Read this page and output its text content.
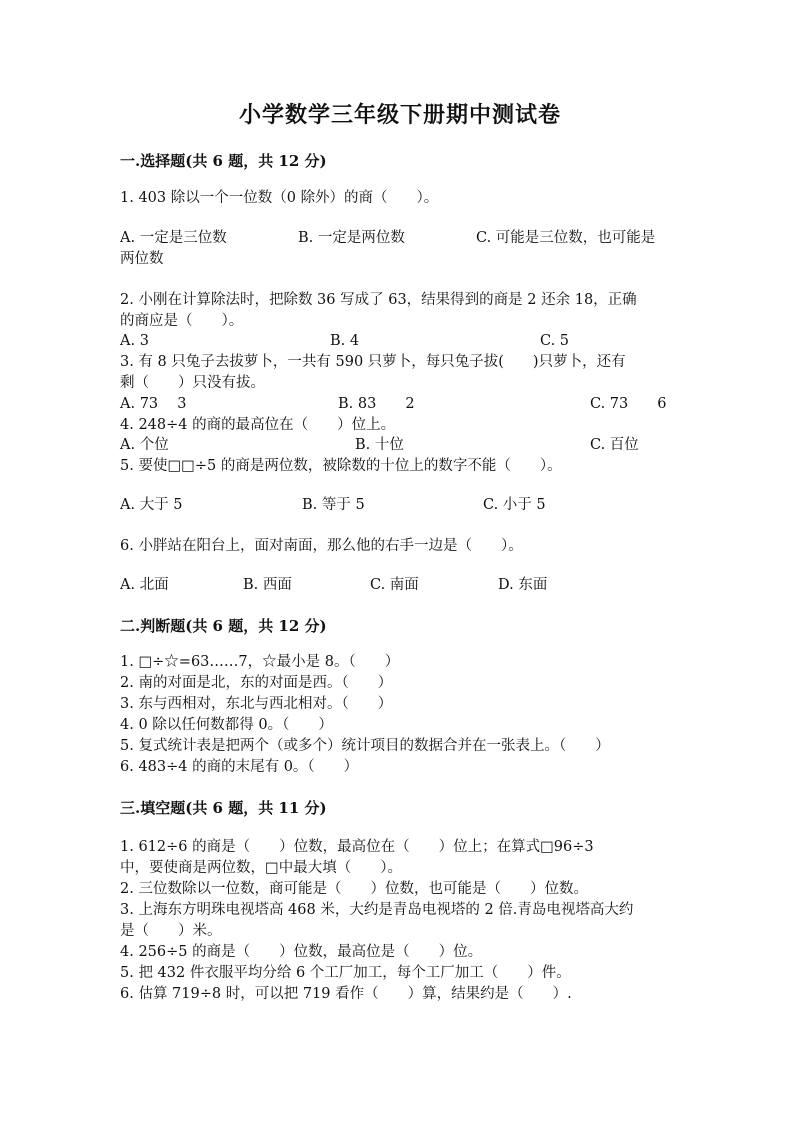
小学数学三年级下册期中测试卷
一.选择题(共 6 题，共 12 分)
1. 403 除以一个一位数（0 除外）的商（　　）。
A. 一定是三位数	B. 一定是两位数	C. 可能是三位数，也可能是
两位数
2. 小刚在计算除法时，把除数 36 写成了 63，结果得到的商是 2 还余 18，正确
的商应是（　　）。
A. 3	B. 4	C. 5
3. 有 8 只兔子去拔萝卜，一共有 590 只萝卜，每只兔子拔(　　)只萝卜，还有
剩（　　）只没有拔。
A. 73　 3	B. 83　　2	C. 73　　6
4. 248÷4 的商的最高位在（　　）位上。
A. 个位	B. 十位	C. 百位
5. 要使□□÷5 的商是两位数，被除数的十位上的数字不能（　　）。
A. 大于 5	B. 等于 5	C. 小于 5
6. 小胖站在阳台上，面对南面，那么他的右手一边是（　　）。
A. 北面	B. 西面	C. 南面	D. 东面
二.判断题(共 6 题，共 12 分)
1. □÷☆=63……7，☆最小是 8。（　　）
2. 南的对面是北，东的对面是西。（　　）
3. 东与西相对，东北与西北相对。（　　）
4. 0 除以任何数都得 0。（　　）
5. 复式统计表是把两个（或多个）统计项目的数据合并在一张表上。（　　）
6. 483÷4 的商的末尾有 0。（　　）
三.填空题(共 6 题，共 11 分)
1. 612÷6 的商是（　　）位数，最高位在（　　）位上；在算式□96÷3
中，要使商是两位数，□中最大填（　　）。
2. 三位数除以一位数，商可能是（　　）位数，也可能是（　　）位数。
3. 上海东方明珠电视塔高 468 米，大约是青岛电视塔的 2 倍.青岛电视塔高大约
是（　　）米。
4. 256÷5 的商是（　　）位数，最高位是（　　）位。
5. 把 432 件衣服平均分给 6 个工厂加工，每个工厂加工（　　）件。
6. 估算 719÷8 时，可以把 719 看作（　　）算，结果约是（　　）.
